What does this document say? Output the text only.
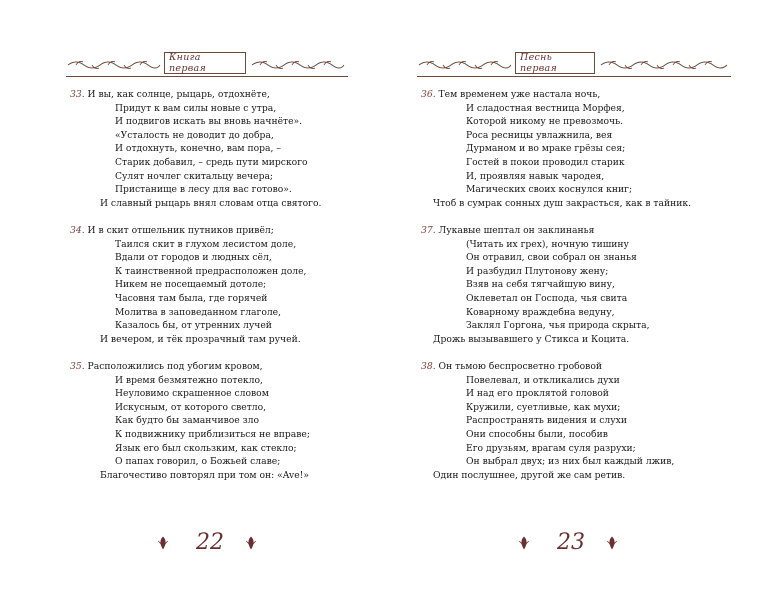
Книга первая
33. И вы, как солнце, рыцарь, отдохнёте,
Придут к вам силы новые с утра,
И подвигов искать вы вновь начнёте».
«Усталость не доводит до добра,
И отдохнуть, конечно, вам пора, –
Старик добавил, – средь пути мирского
Сулят ночлег скитальцу вечера;
Пристанище в лесу для вас готово».
И славный рыцарь внял словам отца святого.
34. И в скит отшельник путников привёл;
Таился скит в глухом лесистом доле,
Вдали от городов и людных сёл,
К таинственной предрасположен доле,
Никем не посещаемый дотоле;
Часовня там была, где горячей
Молитва в заповеданном глаголе,
Казалось бы, от утренних лучей
И вечером, и тёк прозрачный там ручей.
35. Расположились под убогим кровом,
И время безмятежно потекло,
Неуловимо скрашенное словом
Искусным, от которого светло,
Как будто бы заманчивое зло
К подвижнику приблизиться не вправе;
Язык его был скользким, как стекло;
О папах говорил, о Божьей славе;
Благочестиво повторял при том он: «Ave!»
22
Песнь первая
36. Тем временем уже настала ночь,
И сладостная вестница Морфея,
Которой никому не превозмочь.
Роса ресницы увлажнила, вея
Дурманом и во мраке грёзы сея;
Гостей в покои проводил старик
И, проявляя навык чародея,
Магических своих коснулся книг;
Чтоб в сумрак сонных душ закрасться, как в тайник.
37. Лукавые шептал он заклинанья
(Читать их грех), ночную тишину
Он отравил, свои собрал он знанья
И разбудил Плутонову жену;
Взяв на себя тягчайшую вину,
Оклеветал он Господа, чья свита
Коварному враждебна ведуну,
Заклял Горгона, чья природа скрыта,
Дрожь вызывавшего у Стикса и Коцита.
38. Он тьмою беспросветно гробовой
Повелевал, и откликались духи
И над его проклятой головой
Кружили, суетливые, как мухи;
Распространять видения и слухи
Они способны были, пособив
Его друзьям, врагам суля разрухи;
Он выбрал двух; из них был каждый лжив,
Один послушнее, другой же сам ретив.
23
